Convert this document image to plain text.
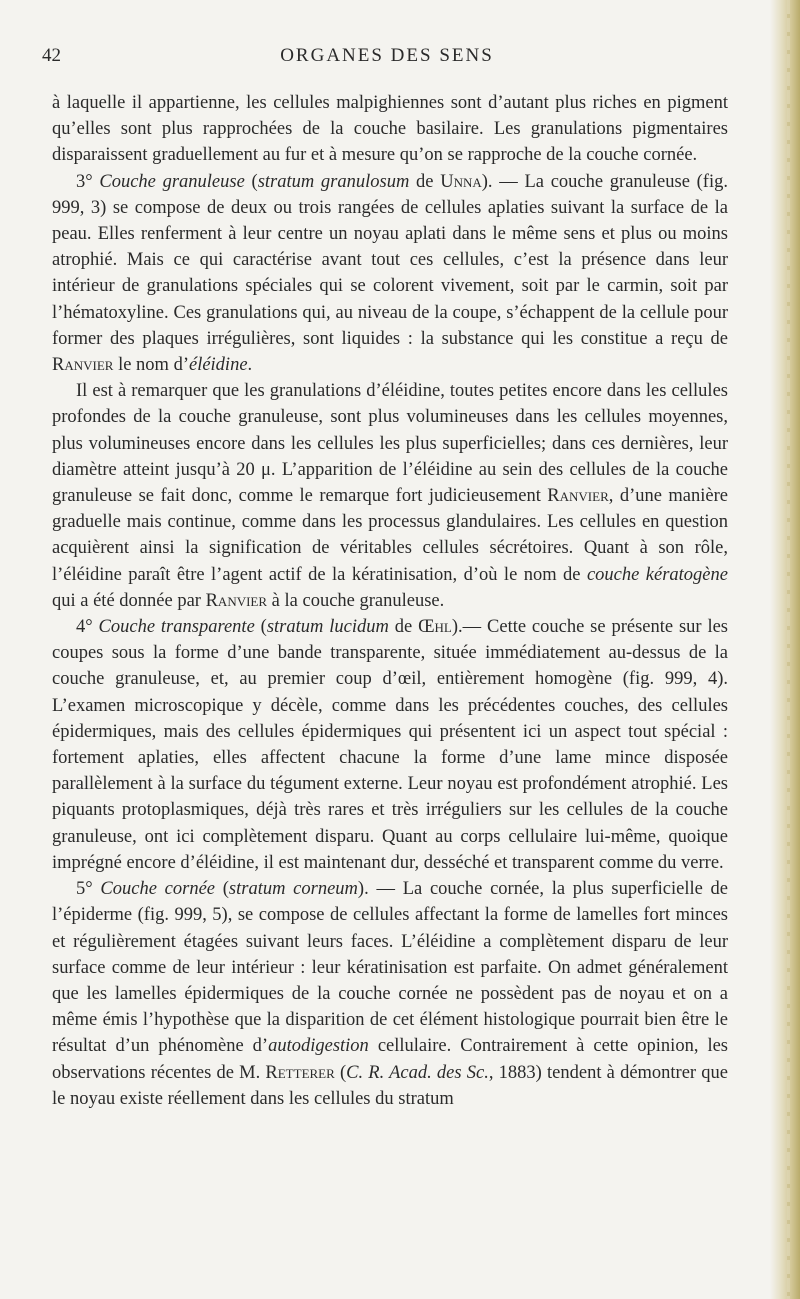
42	ORGANES DES SENS

à laquelle il appartienne, les cellules malpighiennes sont d’autant plus riches en pigment qu’elles sont plus rapprochées de la couche basilaire. Les granulations pigmentaires disparaissent graduellement au fur et à mesure qu’on se rapproche de la couche cornée.

3° Couche granuleuse (stratum granulosum de Unna). — La couche granuleuse (fig. 999, 3) se compose de deux ou trois rangées de cellules aplaties suivant la surface de la peau. Elles renferment à leur centre un noyau aplati dans le même sens et plus ou moins atrophié. Mais ce qui caractérise avant tout ces cellules, c’est la présence dans leur intérieur de granulations spéciales qui se colorent vivement, soit par le carmin, soit par l’hématoxyline. Ces granulations qui, au niveau de la coupe, s’échappent de la cellule pour former des plaques irrégulières, sont liquides : la substance qui les constitue a reçu de Ranvier le nom d’éléidine.

Il est à remarquer que les granulations d’éléidine, toutes petites encore dans les cellules profondes de la couche granuleuse, sont plus volumineuses dans les cellules moyennes, plus volumineuses encore dans les cellules les plus superficielles; dans ces dernières, leur diamètre atteint jusqu’à 20 μ. L’apparition de l’éléidine au sein des cellules de la couche granuleuse se fait donc, comme le remarque fort judicieusement Ranvier, d’une manière graduelle mais continue, comme dans les processus glandulaires. Les cellules en question acquièrent ainsi la signification de véritables cellules sécrétoires. Quant à son rôle, l’éléidine paraît être l’agent actif de la kératinisation, d’où le nom de couche kératogène qui a été donnée par Ranvier à la couche granuleuse.

4° Couche transparente (stratum lucidum de Œhl).— Cette couche se présente sur les coupes sous la forme d’une bande transparente, située immédiatement au-dessus de la couche granuleuse, et, au premier coup d’œil, entièrement homogène (fig. 999, 4). L’examen microscopique y décèle, comme dans les précédentes couches, des cellules épidermiques, mais des cellules épidermiques qui présentent ici un aspect tout spécial : fortement aplaties, elles affectent chacune la forme d’une lame mince disposée parallèlement à la surface du tégument externe. Leur noyau est profondément atrophié. Les piquants protoplasmiques, déjà très rares et très irréguliers sur les cellules de la couche granuleuse, ont ici complètement disparu. Quant au corps cellulaire lui-même, quoique imprégné encore d’éléidine, il est maintenant dur, desséché et transparent comme du verre.

5° Couche cornée (stratum corneum). — La couche cornée, la plus superficielle de l’épiderme (fig. 999, 5), se compose de cellules affectant la forme de lamelles fort minces et régulièrement étagées suivant leurs faces. L’éléidine a complètement disparu de leur surface comme de leur intérieur : leur kératinisation est parfaite. On admet généralement que les lamelles épidermiques de la couche cornée ne possèdent pas de noyau et on a même émis l’hypothèse que la disparition de cet élément histologique pourrait bien être le résultat d’un phénomène d’autodigestion cellulaire. Contrairement à cette opinion, les observations récentes de M. Retterer (C. R. Acad. des Sc., 1883) tendent à démontrer que le noyau existe réellement dans les cellules du stratum
